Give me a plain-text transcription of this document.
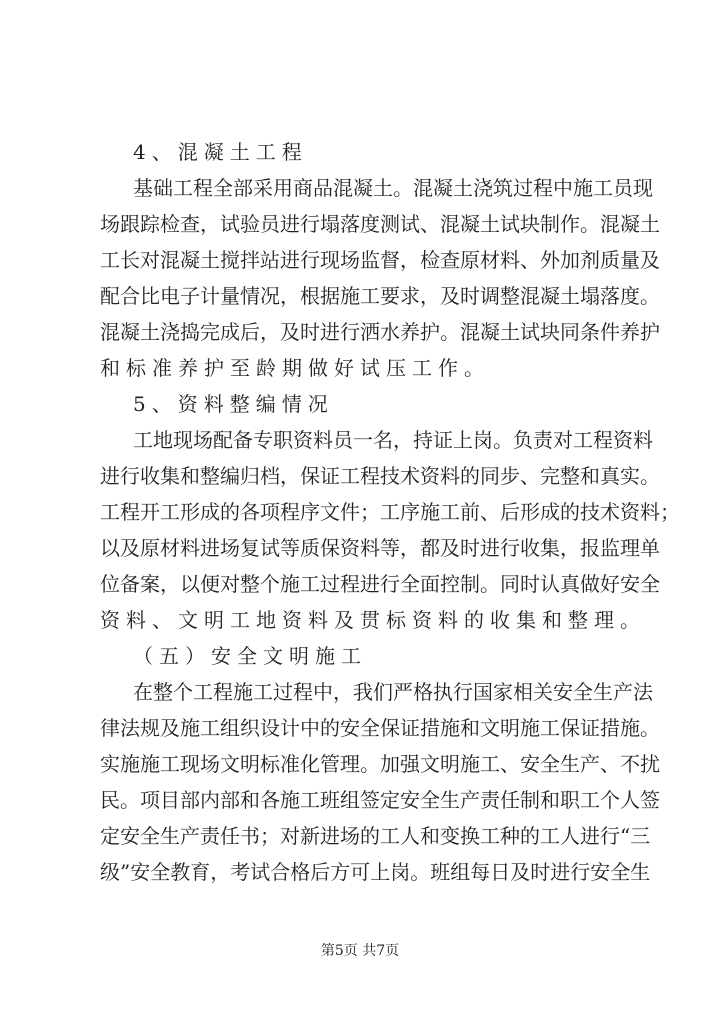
4、混凝土工程
基础工程全部采用商品混凝土。混凝土浇筑过程中施工员现
场跟踪检查，试验员进行塌落度测试、混凝土试块制作。混凝土
工长对混凝土搅拌站进行现场监督，检查原材料、外加剂质量及
配合比电子计量情况，根据施工要求，及时调整混凝土塌落度。
混凝土浇捣完成后，及时进行洒水养护。混凝土试块同条件养护
和标准养护至龄期做好试压工作。
5、资料整编情况
工地现场配备专职资料员一名，持证上岗。负责对工程资料
进行收集和整编归档，保证工程技术资料的同步、完整和真实。
工程开工形成的各项程序文件；工序施工前、后形成的技术资料；
以及原材料进场复试等质保资料等，都及时进行收集，报监理单
位备案，以便对整个施工过程进行全面控制。同时认真做好安全
资料、文明工地资料及贯标资料的收集和整理。
（五）安全文明施工
在整个工程施工过程中，我们严格执行国家相关安全生产法
律法规及施工组织设计中的安全保证措施和文明施工保证措施。
实施施工现场文明标准化管理。加强文明施工、安全生产、不扰
民。项目部内部和各施工班组签定安全生产责任制和职工个人签
定安全生产责任书；对新进场的工人和变换工种的工人进行“三
级”安全教育，考试合格后方可上岗。班组每日及时进行安全生
第5页 共7页
